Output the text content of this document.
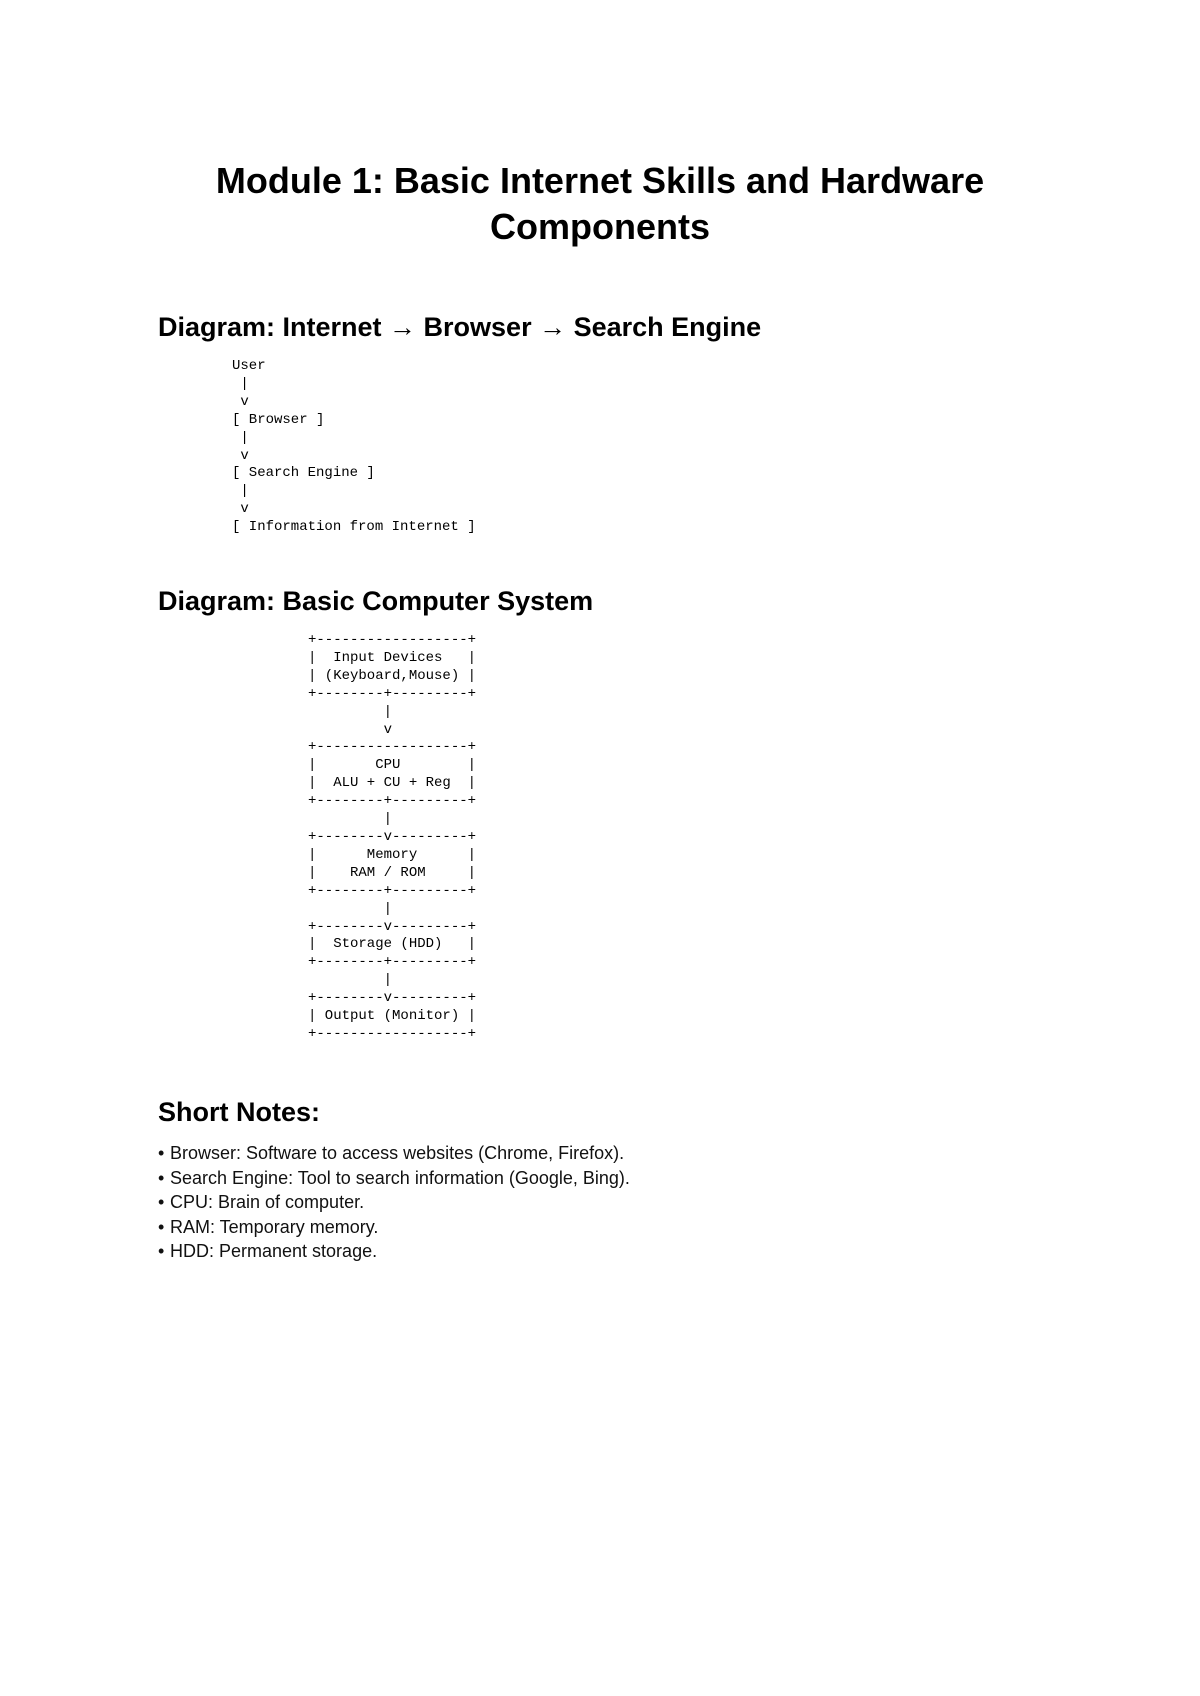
Module 1: Basic Internet Skills and Hardware Components
Diagram: Internet → Browser → Search Engine
User
|
v
[ Browser ]
|
v
[ Search Engine ]
|
v
[ Information from Internet ]
Diagram: Basic Computer System
+------------------+
|  Input Devices   |
| (Keyboard,Mouse) |
+--------+---------+
|
v
+------------------+
|       CPU        |
|  ALU + CU + Reg  |
+--------+---------+
|
+--------v---------+
|      Memory      |
|    RAM / ROM     |
+--------+---------+
|
+--------v---------+
|  Storage (HDD)   |
+--------+---------+
|
+--------v---------+
| Output (Monitor) |
+------------------+
Short Notes:
• Browser: Software to access websites (Chrome, Firefox).
• Search Engine: Tool to search information (Google, Bing).
• CPU: Brain of computer.
• RAM: Temporary memory.
• HDD: Permanent storage.
